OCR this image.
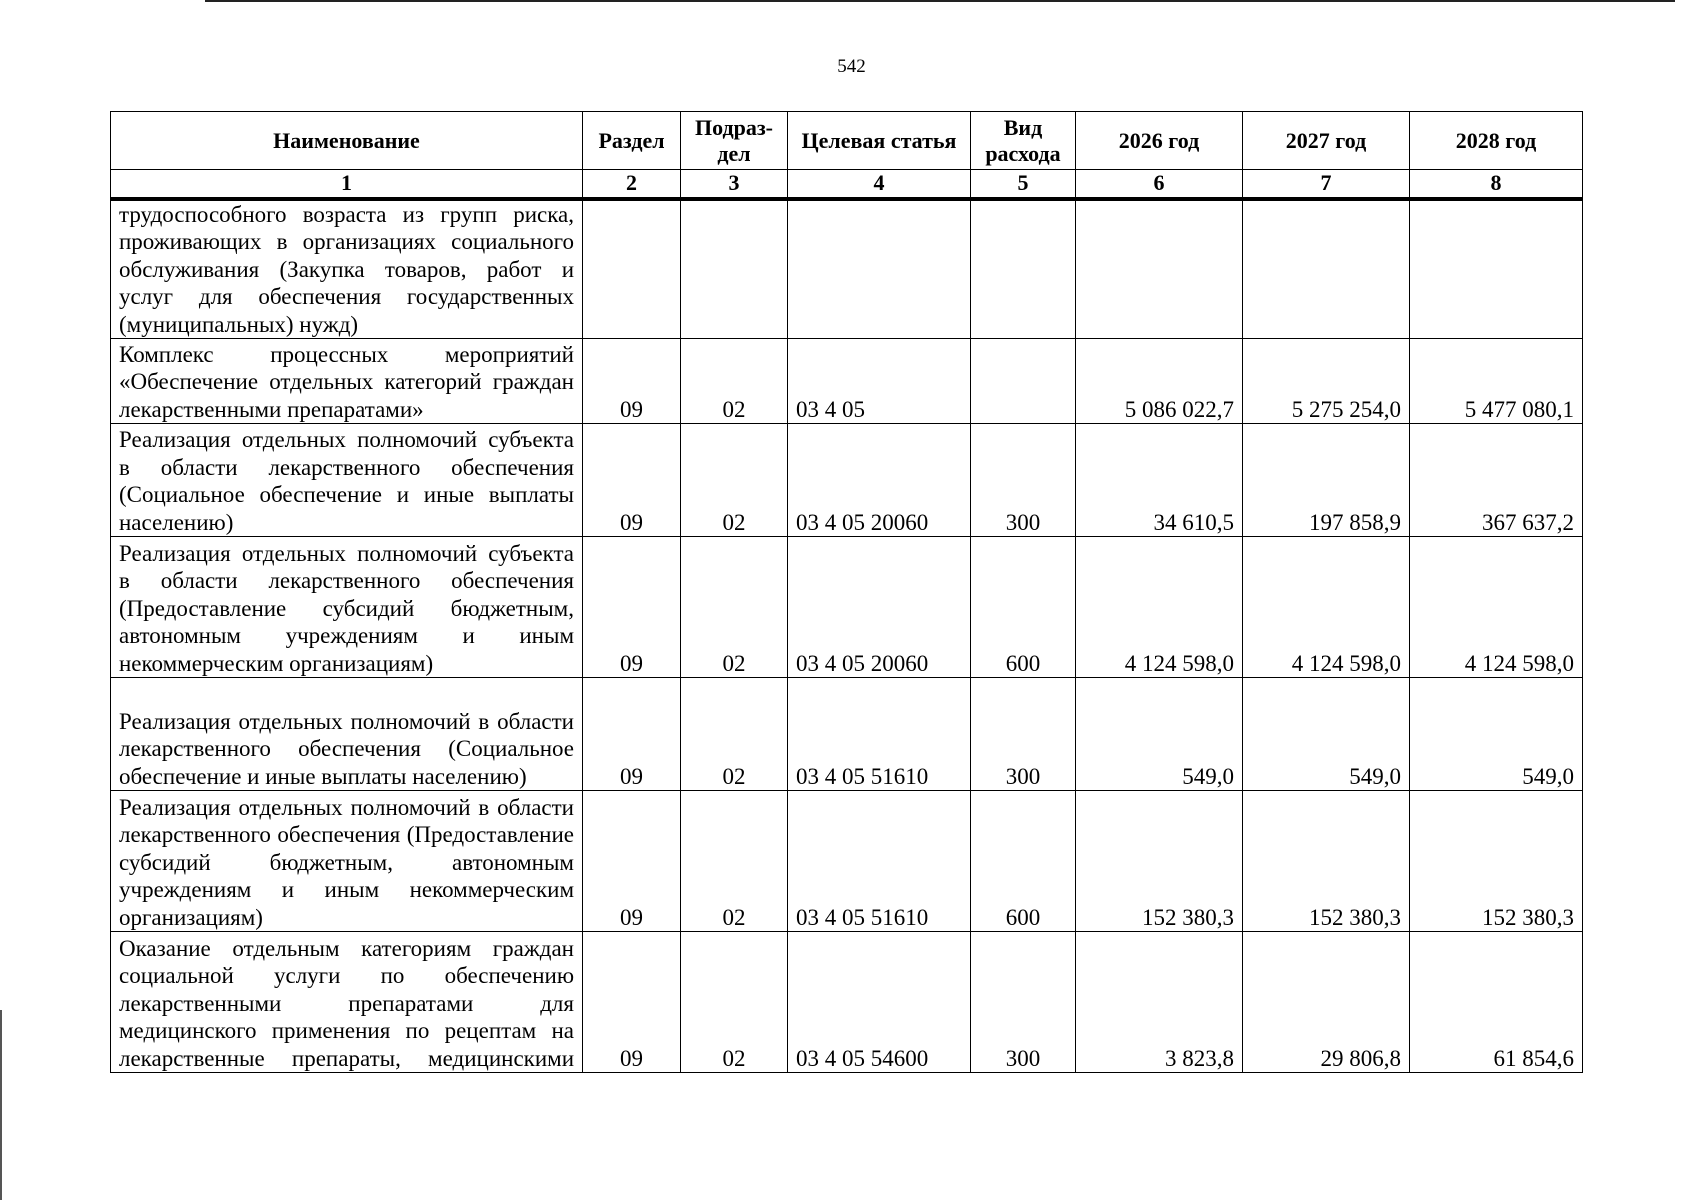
542
Наименование	Раздел	Подраз-дел	Целевая статья	Вид расхода	2026 год	2027 год	2028 год
1	2	3	4	5	6	7	8
трудоспособного возраста из групп риска, проживающих в организациях социального обслуживания (Закупка товаров, работ и услуг для обеспечения государственных (муниципальных) нужд)							
Комплекс процессных мероприятий «Обеспечение отдельных категорий граждан лекарственными препаратами»	09	02	03 4 05		5 086 022,7	5 275 254,0	5 477 080,1
Реализация отдельных полномочий субъекта в области лекарственного обеспечения (Социальное обеспечение и иные выплаты населению)	09	02	03 4 05 20060	300	34 610,5	197 858,9	367 637,2
Реализация отдельных полномочий субъекта в области лекарственного обеспечения (Предоставление субсидий бюджетным, автономным учреждениям и иным некоммерческим организациям)	09	02	03 4 05 20060	600	4 124 598,0	4 124 598,0	4 124 598,0
Реализация отдельных полномочий в области лекарственного обеспечения (Социальное обеспечение и иные выплаты населению)	09	02	03 4 05 51610	300	549,0	549,0	549,0
Реализация отдельных полномочий в области лекарственного обеспечения (Предоставление субсидий бюджетным, автономным учреждениям и иным некоммерческим организациям)	09	02	03 4 05 51610	600	152 380,3	152 380,3	152 380,3
Оказание отдельным категориям граждан социальной услуги по обеспечению лекарственными препаратами для медицинского применения по рецептам на лекарственные препараты, медицинскими	09	02	03 4 05 54600	300	3 823,8	29 806,8	61 854,6
